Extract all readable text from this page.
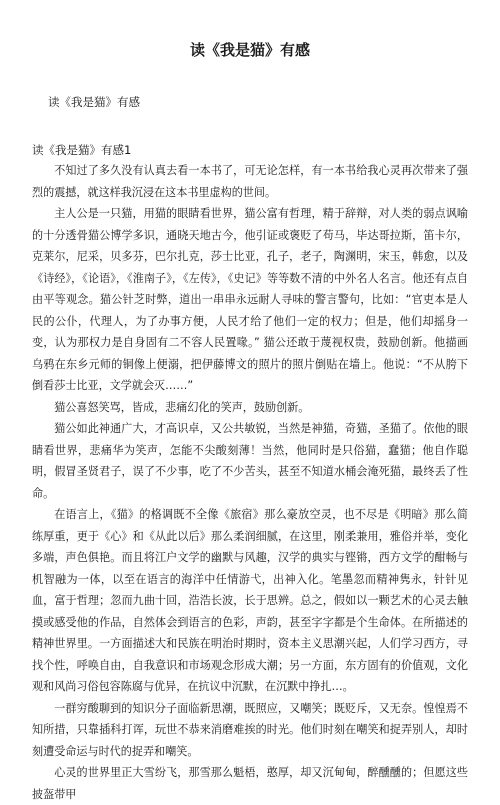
读《我是猫》有感
读《我是猫》有感
读《我是猫》有感1

不知过了多久没有认真去看一本书了，可无论怎样，有一本书给我心灵再次带来了强烈的震撼，就这样我沉浸在这本书里虚构的世间。

主人公是一只猫，用猫的眼睛看世界，猫公富有哲理，精于辞辩，对人类的弱点讽喻的十分透骨猫公博学多识，通晓天地古今，他引证或褒贬了苟马，毕达哥拉斯，笛卡尔，克莱尔，尼采，贝多芬，巴尔扎克，莎士比亚，孔子，老子，陶渊明，宋玉，韩愈，以及《诗经》，《论语》，《淮南子》，《左传》，《史记》等等数不清的中外名人名言。他还有点自由平等观念。猫公针芝时弊，道出一串串永远耐人寻味的警言警句，比如：“官吏本是人民的公仆，代理人，为了办事方便，人民才给了他们一定的权力；但是，他们却摇身一变，认为那权力是自身固有二不容人民置喙。” 猫公还敢于蔑视权贵，鼓励创新。他描画乌鸦在东乡元师的铜像上便溺，把伊藤博文的照片的照片倒贴在墙上。他说：“不从胯下倒看莎士比亚，文学就会灭……”

猫公喜怒笑骂，皆成，悲痛幻化的笑声，鼓励创新。

猫公如此神通广大，才高识卓，又公共敏锐，当然是神猫，奇猫，圣猫了。依他的眼睛看世界，悲痛华为笑声，怎能不尖酸刻薄！当然，他同时是只俗猫，蠢猫；他自作聪明，假冒圣贤君子，误了不少事，吃了不少苦头，甚至不知道水桶会淹死猫，最终丢了性命。

在语言上，《猫》的格调既不全像《旅宿》那么豪放空灵，也不尽是《明暗》那么简练厚重，更于《心》和《从此以后》那么柔润细腻，在这里，刚柔兼用，雅俗并举，变化多端，声色俱艳。而且将江户文学的幽默与风趣，汉学的典实与铿锵，西方文学的酣畅与机智融为一体，以至在语言的海洋中任情游弋，出神入化。笔墨忽而精神隽永，针针见血，富于哲理；忽而九曲十回，浩浩长波，长于思辨。总之，假如以一颗艺术的心灵去触摸或感受他的作品，自然体会到语言的色彩，声韵，甚至字字都是个生命体。在所描述的精神世界里。一方面描述大和民族在明治时期时，资本主义思潮兴起，人们学习西方，寻找个性，呼唤自由，自我意识和市场观念形成大潮；另一方面，东方固有的价值观，文化观和风尚习俗包容陈腐与优异，在抗议中沉默，在沉默中挣扎…。

一群穷酸聊到的知识分子面临新思潮，既照应，又嘲笑；既贬斥，又无奈。惶惶焉不知所措，只靠插科打诨，玩世不恭来消磨难挨的时光。他们时刻在嘲笑和捉弄别人，却时刻遭受命运与时代的捉弄和嘲笑。

心灵的世界里正大雪纷飞，那雪那么魁梧，憨厚，却又沉甸甸，醉醺醺的；但愿这些披盔带甲
